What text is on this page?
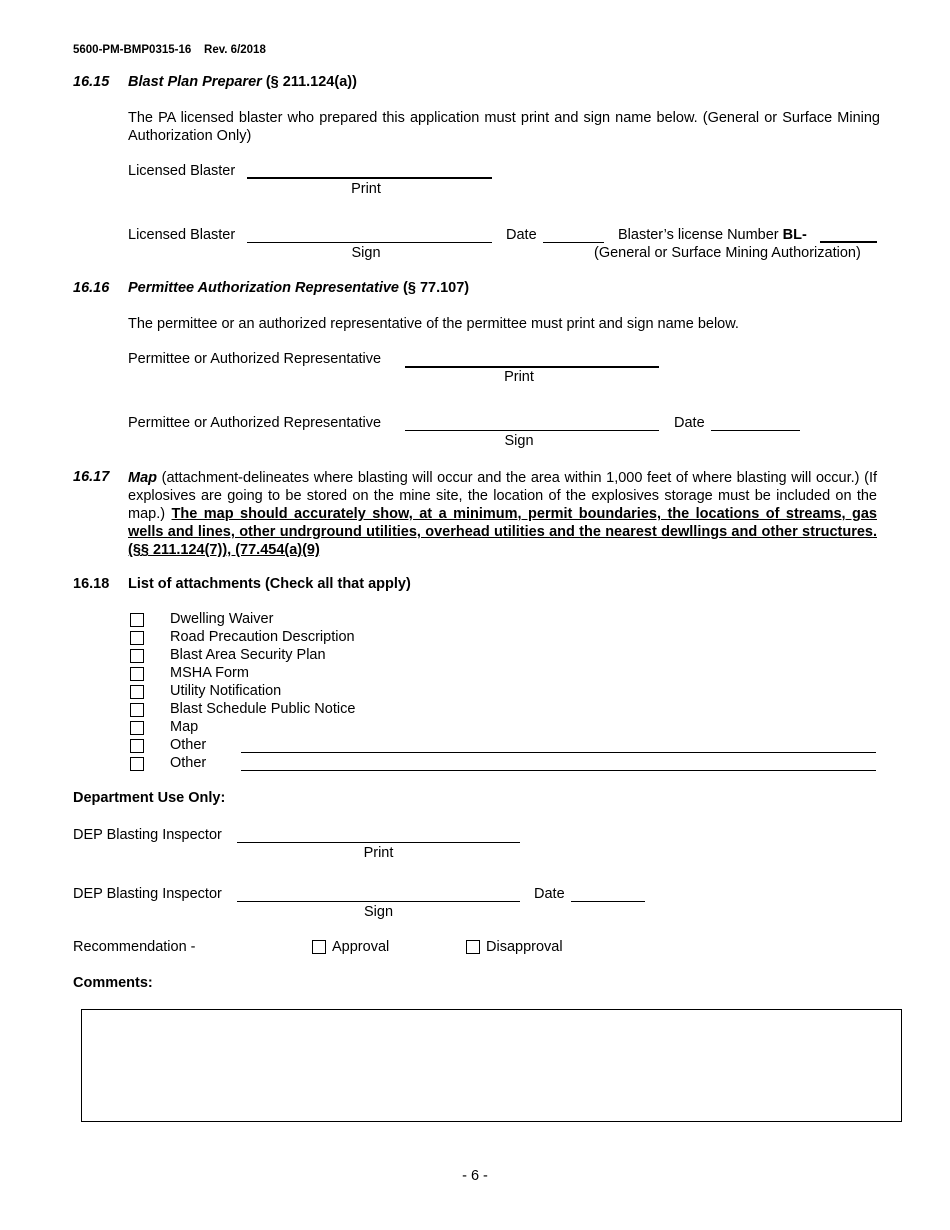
5600-PM-BMP0315-16 Rev. 6/2018
16.15 Blast Plan Preparer (§ 211.124(a))
The PA licensed blaster who prepared this application must print and sign name below. (General or Surface Mining Authorization Only)
Licensed Blaster
Print
Licensed Blaster
Sign
Date	Blaster’s license Number BL-
(General or Surface Mining Authorization)
16.16 Permittee Authorization Representative (§ 77.107)
The permittee or an authorized representative of the permittee must print and sign name below.
Permittee or Authorized Representative
Print
Permittee or Authorized Representative
Sign
Date
16.17 Map (attachment-delineates where blasting will occur and the area within 1,000 feet of where blasting will occur.) (If explosives are going to be stored on the mine site, the location of the explosives storage must be included on the map.) The map should accurately show, at a minimum, permit boundaries, the locations of streams, gas wells and lines, other undrground utilities, overhead utilities and the nearest dewllings and other structures. (§§ 211.124(7)), (77.454(a)(9)
16.18 List of attachments (Check all that apply)
Dwelling Waiver
Road Precaution Description
Blast Area Security Plan
MSHA Form
Utility Notification
Blast Schedule Public Notice
Map
Other
Other
Department Use Only:
DEP Blasting Inspector
Print
DEP Blasting Inspector
Sign
Date
Recommendation -	Approval	Disapproval
Comments:
- 6 -
